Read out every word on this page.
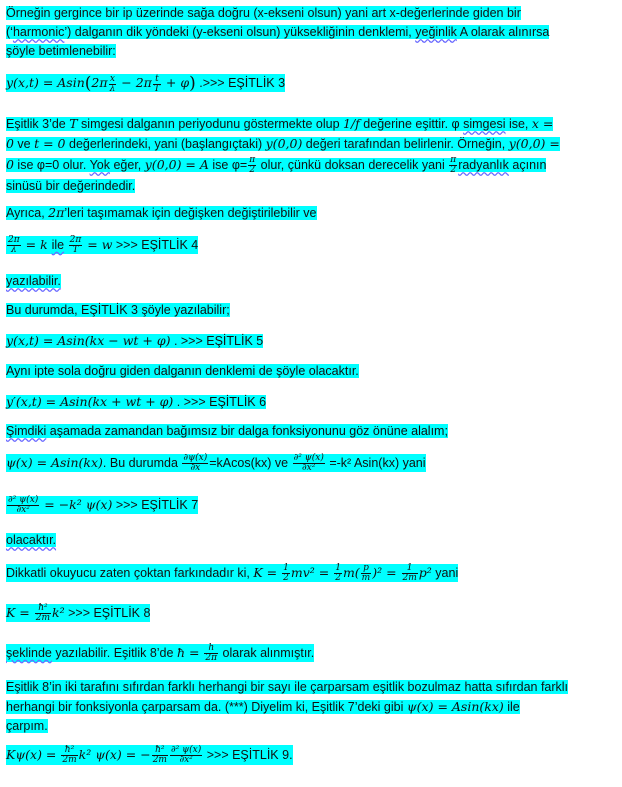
Örneğin gergince bir ip üzerinde sağa doğru (x-ekseni olsun) yani art x-değerlerinde giden bir
(‘harmonic’) dalganın dik yöndeki (y-ekseni olsun) yüksekliğinin denklemi, yeğinlik A olarak alınırsa
şöyle betimlenebilir:
$y(x,t) = Asin(2\pi \frac{x}{\lambda} - 2\pi \frac{t}{T} + \varphi)$ .>>> EŞİTLİK 3
Eşitlik 3’de T simgesi dalganın periyodunu göstermekte olup 1/f değerine eşittir. φ simgesi ise, x =
0 ve t = 0 değerlerindeki, yani (başlangıçtaki) y(0,0) değeri tarafından belirlenir. Örneğin, y(0,0) =
0 ise φ=0 olur. Yok eğer, y(0,0) = A ise $\varphi= \frac{\pi}{2}$ olur, çünkü doksan derecelik yani $\frac{\pi}{2}$ radyanlık açının
sinüsü bir değerindedir.
Ayrıca, 2π’leri taşımamak için değişken değiştirilebilir ve
$\frac{2\pi}{\lambda} = k$ ile $\frac{2\pi}{T} = w$ >>> EŞİTLİK 4
yazılabilir.
Bu durumda, EŞİTLİK 3 şöyle yazılabilir;
y(x,t) = Asin(kx − wt + φ) . >>> EŞİTLİK 5
Aynı ipte sola doğru giden dalganın denklemi de şöyle olacaktır.
y′(x,t) = Asin(kx + wt + φ) . >>> EŞİTLİK 6
Şimdiki aşamada zamandan bağımsız bir dalga fonksiyonunu göz önüne alalım;
ψ(x) = Asin(kx). Bu durumda $\frac{\partial\psi(x)}{\partial x} =kAcos(kx)$ ve $\frac{\text{∂² ψ(x)}}{\text{∂x²}} =-k^2$ Asin(kx) yani
$\frac{\text{∂² ψ(x)}}{\text{∂x²}} = -k^2$ ψ(x) >>> EŞİTLİK 7
olacaktır.
Dikkatli okuyucu zaten çoktan farkındadır ki, $K = \frac{1}{2} mv^2 = \frac{1}{2} m( \frac{p}{m} )^2 = \frac{1}{2m} p^2$ yani
$K = \frac{\text{ħ²}}{2m} k^2$ >>> EŞİTLİK 8
şeklinde yazılabilir. Eşitlik 8’de ħ = $\frac{h}{2\pi}$ olarak alınmıştır.
Eşitlik 8’in iki tarafını sıfırdan farklı herhangi bir sayı ile çarparsam eşitlik bozulmaz hatta sıfırdan farklı
herhangi bir fonksiyonla çarparsam da. (***) Diyelim ki, Eşitlik 7’deki gibi ψ(x) = Asin(kx) ile
çarpım.
$K\psi(x) = \frac{\text{ħ²}}{2m} k^2$ ψ(x) = − $\frac{\text{ħ²}}{2m} \frac{\text{∂² ψ(x)}}{\text{∂x²}}$ >>> EŞİTLİK 9.
